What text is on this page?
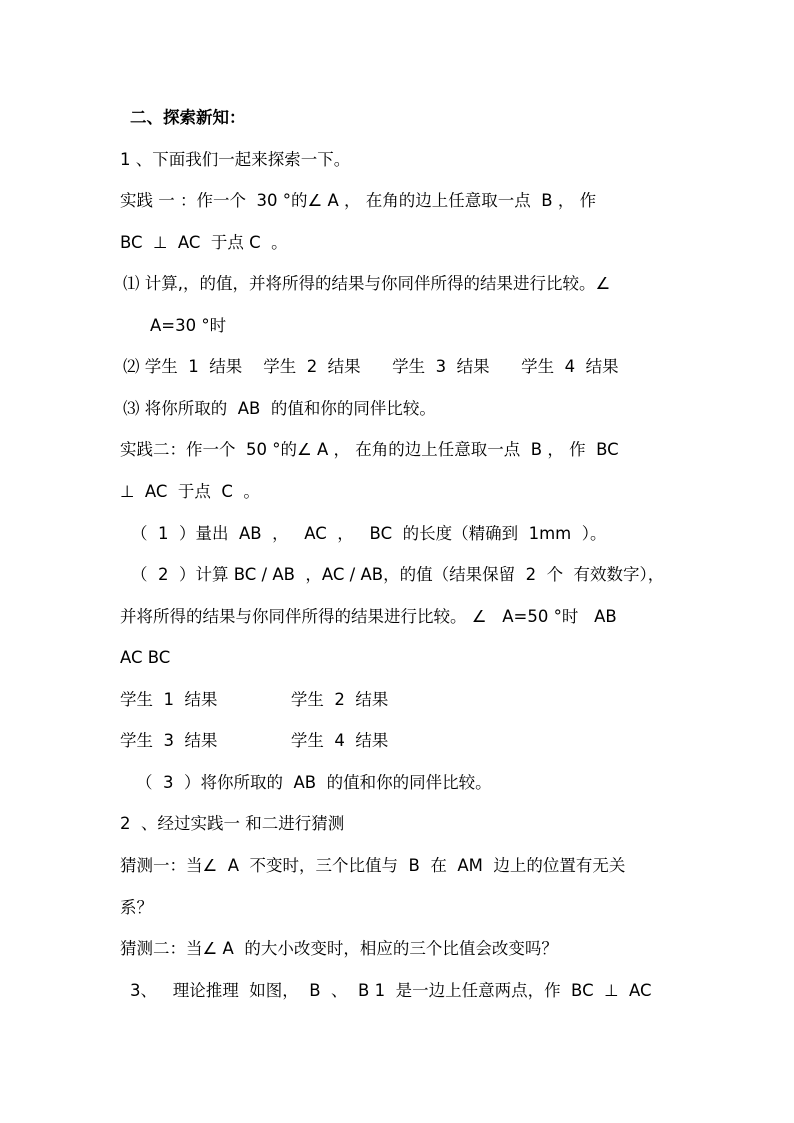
二、探索新知：
1 、下面我们一起来探索一下。
实践 一 ：作一个  30 °的∠ A ， 在角的边上任意取一点  B ， 作
BC  ⊥  AC  于点 C  。
⑴ 计算,，的值，并将所得的结果与你同伴所得的结果进行比较。∠
A=30 °时
⑵ 学生  1  结果    学生  2  结果      学生  3  结果      学生  4  结果
⑶ 将你所取的  AB  的值和你的同伴比较。
实践二：作一个  50 °的∠ A ， 在角的边上任意取一点  B ， 作  BC
⊥  AC  于点  C  。
（  1  ）量出  AB  ，   AC  ，   BC  的长度（精确到  1mm  ）。
（  2  ）计算 BC / AB  ，AC / AB，的值（结果保留  2  个  有效数字），
并将所得的结果与你同伴所得的结果进行比较。 ∠   A=50 °时   AB
AC BC
学生  1  结果              学生  2  结果
学生  3  结果              学生  4  结果
（  3  ）将你所取的  AB  的值和你的同伴比较。
2  、经过实践一 和二进行猜测
猜测一：当∠  A  不变时，三个比值与  B  在  AM  边上的位置有无关
系？
猜测二：当∠ A  的大小改变时，相应的三个比值会改变吗？
3、   理论推理  如图，  B  、  B 1  是一边上任意两点，作  BC  ⊥  AC
